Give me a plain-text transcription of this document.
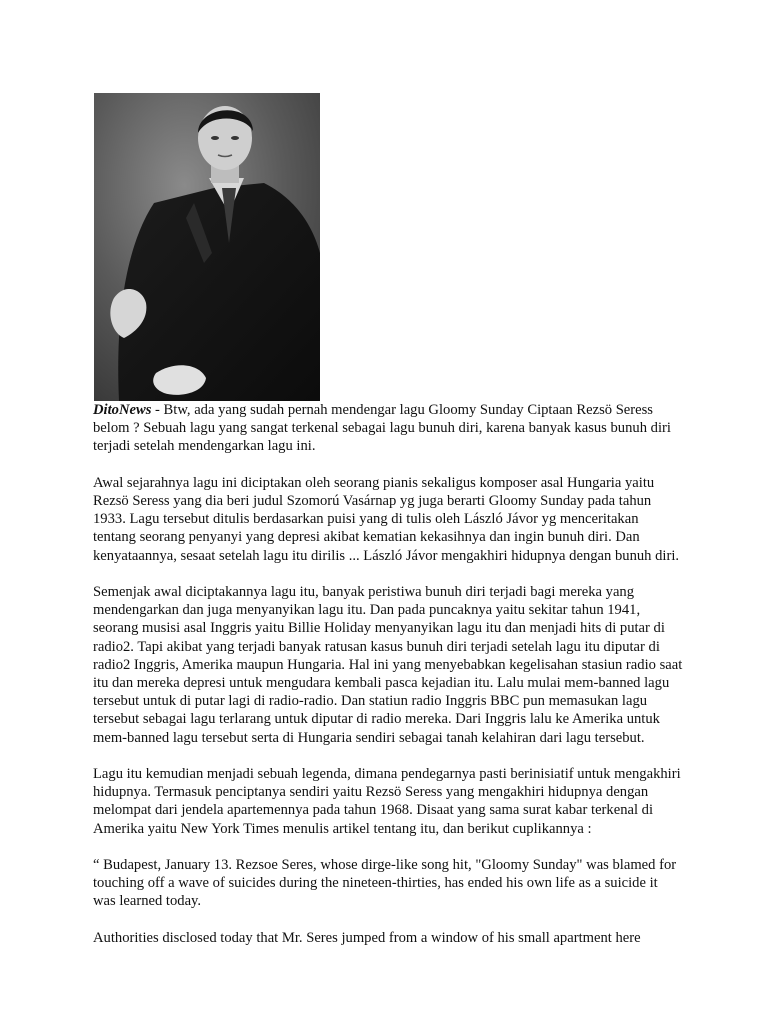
DitoNews - Btw, ada yang sudah pernah mendengar lagu Gloomy Sunday Ciptaan Rezsö Seress belom ? Sebuah lagu yang sangat terkenal sebagai lagu bunuh diri, karena banyak kasus bunuh diri terjadi setelah mendengarkan lagu ini.

Awal sejarahnya lagu ini diciptakan oleh seorang pianis sekaligus komposer asal Hungaria yaitu Rezsö Seress yang dia beri judul Szomorú Vasárnap yg juga berarti Gloomy Sunday pada tahun 1933. Lagu tersebut ditulis berdasarkan puisi yang di tulis oleh László Jávor yg menceritakan tentang seorang penyanyi yang depresi akibat kematian kekasihnya dan ingin bunuh diri. Dan kenyataannya, sesaat setelah lagu itu dirilis ... László Jávor mengakhiri hidupnya dengan bunuh diri.

Semenjak awal diciptakannya lagu itu, banyak peristiwa bunuh diri terjadi bagi mereka yang mendengarkan dan juga menyanyikan lagu itu. Dan pada puncaknya yaitu sekitar tahun 1941, seorang musisi asal Inggris yaitu Billie Holiday menyanyikan lagu itu dan menjadi hits di putar di radio2. Tapi akibat yang terjadi banyak ratusan kasus bunuh diri terjadi setelah lagu itu diputar di radio2 Inggris, Amerika maupun Hungaria. Hal ini yang menyebabkan kegelisahan stasiun radio saat itu dan mereka depresi untuk mengudara kembali pasca kejadian itu. Lalu mulai mem-banned lagu tersebut untuk di putar lagi di radio-radio. Dan statiun radio Inggris BBC pun memasukan lagu tersebut sebagai lagu terlarang untuk diputar di radio mereka. Dari Inggris lalu ke Amerika untuk mem-banned lagu tersebut serta di Hungaria sendiri sebagai tanah kelahiran dari lagu tersebut.

Lagu itu kemudian menjadi sebuah legenda, dimana pendegarnya pasti berinisiatif untuk mengakhiri hidupnya. Termasuk penciptanya sendiri yaitu Rezsö Seress yang mengakhiri hidupnya dengan melompat dari jendela apartemennya pada tahun 1968. Disaat yang sama surat kabar terkenal di Amerika yaitu New York Times menulis artikel tentang itu, dan berikut cuplikannya :

“ Budapest, January 13. Rezsoe Seres, whose dirge-like song hit, "Gloomy Sunday" was blamed for touching off a wave of suicides during the nineteen-thirties, has ended his own life as a suicide it was learned today.

Authorities disclosed today that Mr. Seres jumped from a window of his small apartment here
